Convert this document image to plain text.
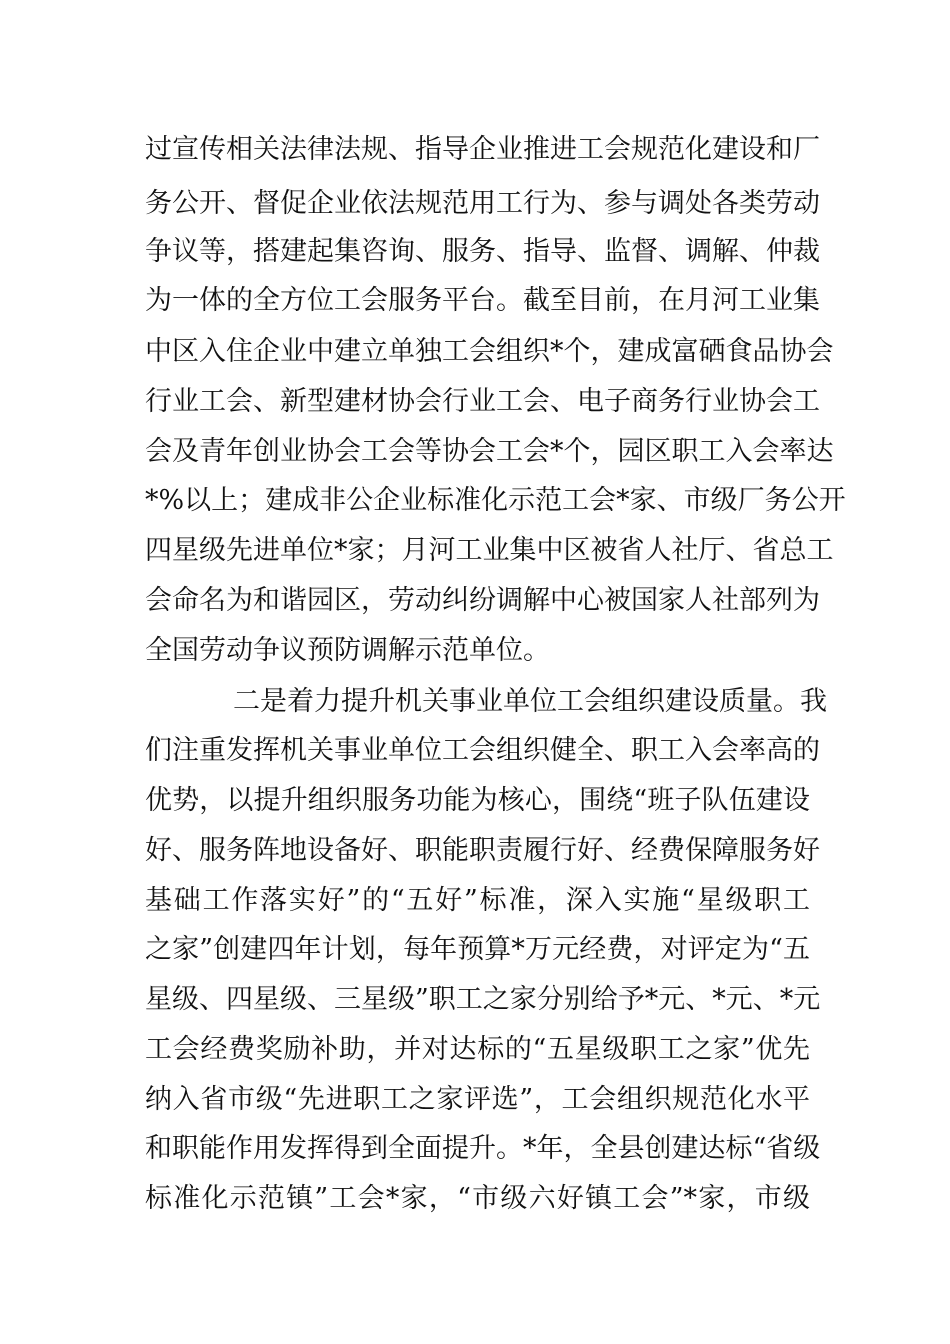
过宣传相关法律法规、指导企业推进工会规范化建设和厂
务公开、督促企业依法规范用工行为、参与调处各类劳动
争议等，搭建起集咨询、服务、指导、监督、调解、仲裁
为一体的全方位工会服务平台。截至目前，在月河工业集
中区入住企业中建立单独工会组织*个，建成富硒食品协会
行业工会、新型建材协会行业工会、电子商务行业协会工
会及青年创业协会工会等协会工会*个，园区职工入会率达
*%以上；建成非公企业标准化示范工会*家、市级厂务公开
四星级先进单位*家；月河工业集中区被省人社厅、省总工
会命名为和谐园区，劳动纠纷调解中心被国家人社部列为
全国劳动争议预防调解示范单位。
二是着力提升机关事业单位工会组织建设质量。我
们注重发挥机关事业单位工会组织健全、职工入会率高的
优势，以提升组织服务功能为核心，围绕“班子队伍建设
好、服务阵地设备好、职能职责履行好、经费保障服务好
基础工作落实好”的“五好”标准，深入实施“星级职工
之家”创建四年计划，每年预算*万元经费，对评定为“五
星级、四星级、三星级”职工之家分别给予*元、*元、*元
工会经费奖励补助，并对达标的“五星级职工之家”优先
纳入省市级“先进职工之家评选”，工会组织规范化水平
和职能作用发挥得到全面提升。*年，全县创建达标“省级
标准化示范镇”工会*家，“市级六好镇工会”*家，市级
